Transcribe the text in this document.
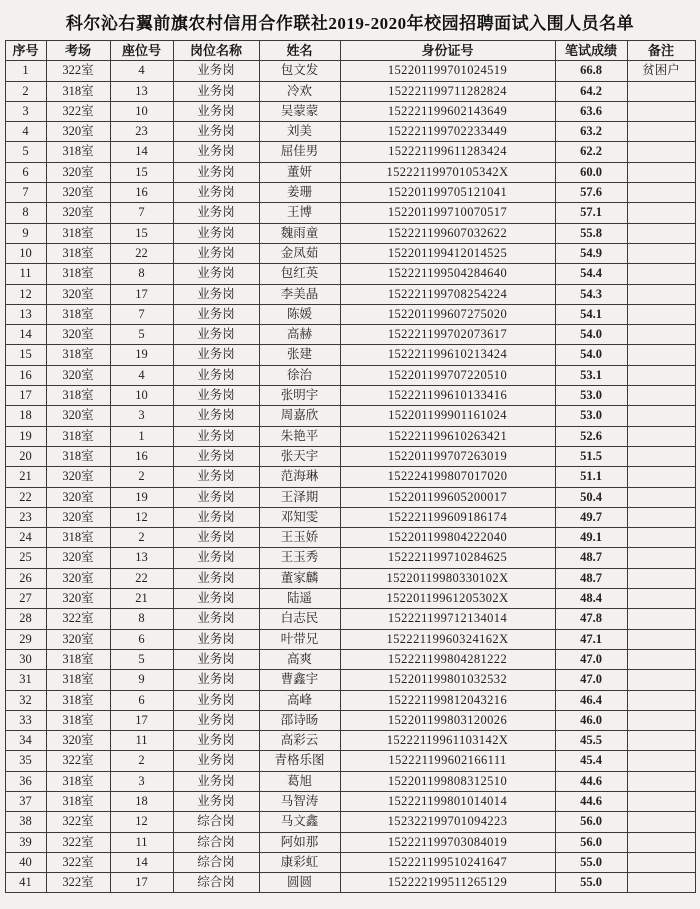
科尔沁右翼前旗农村信用合作联社2019-2020年校园招聘面试入围人员名单
序号	考场	座位号	岗位名称	姓名	身份证号	笔试成绩	备注
1	322室	4	业务岗	包文发	152201199701024519	66.8	贫困户
2	318室	13	业务岗	冷欢	152221199711282824	64.2	
3	322室	10	业务岗	吴蒙蒙	152221199602143649	63.6	
4	320室	23	业务岗	刘美	152221199702233449	63.2	
5	318室	14	业务岗	屈佳男	152221199611283424	62.2	
6	320室	15	业务岗	董妍	15222119970105342X	60.0	
7	320室	16	业务岗	姜珊	152201199705121041	57.6	
8	320室	7	业务岗	王博	152201199710070517	57.1	
9	318室	15	业务岗	魏雨童	152221199607032622	55.8	
10	318室	22	业务岗	金凤茹	152201199412014525	54.9	
11	318室	8	业务岗	包红英	152221199504284640	54.4	
12	320室	17	业务岗	李美晶	152221199708254224	54.3	
13	318室	7	业务岗	陈媛	152201199607275020	54.1	
14	320室	5	业务岗	高赫	152221199702073617	54.0	
15	318室	19	业务岗	张建	152221199610213424	54.0	
16	320室	4	业务岗	徐治	152201199707220510	53.1	
17	318室	10	业务岗	张明宇	152221199610133416	53.0	
18	320室	3	业务岗	周嘉欣	152201199901161024	53.0	
19	318室	1	业务岗	朱艳平	152221199610263421	52.6	
20	318室	16	业务岗	张天宇	152201199707263019	51.5	
21	320室	2	业务岗	范海琳	152224199807017020	51.1	
22	320室	19	业务岗	王泽期	152201199605200017	50.4	
23	320室	12	业务岗	邓知雯	152221199609186174	49.7	
24	318室	2	业务岗	王玉娇	152201199804222040	49.1	
25	320室	13	业务岗	王玉秀	152221199710284625	48.7	
26	320室	22	业务岗	董家麟	15220119980330102X	48.7	
27	320室	21	业务岗	陆遥	15220119961205302X	48.4	
28	322室	8	业务岗	白志民	152221199712134014	47.8	
29	320室	6	业务岗	叶带兄	15222119960324162X	47.1	
30	318室	5	业务岗	高爽	152221199804281222	47.0	
31	318室	9	业务岗	曹鑫宇	152201199801032532	47.0	
32	318室	6	业务岗	高峰	152221199812043216	46.4	
33	318室	17	业务岗	邵诗旸	152201199803120026	46.0	
34	320室	11	业务岗	高彩云	15222119961103142X	45.5	
35	322室	2	业务岗	青格乐图	152221199602166111	45.4	
36	318室	3	业务岗	葛旭	152201199808312510	44.6	
37	318室	18	业务岗	马智涛	152221199801014014	44.6	
38	322室	12	综合岗	马文鑫	152322199701094223	56.0	
39	322室	11	综合岗	阿如那	152221199703084019	56.0	
40	322室	14	综合岗	康彩虹	152221199510241647	55.0	
41	322室	17	综合岗	圆圆	152222199511265129	55.0	
